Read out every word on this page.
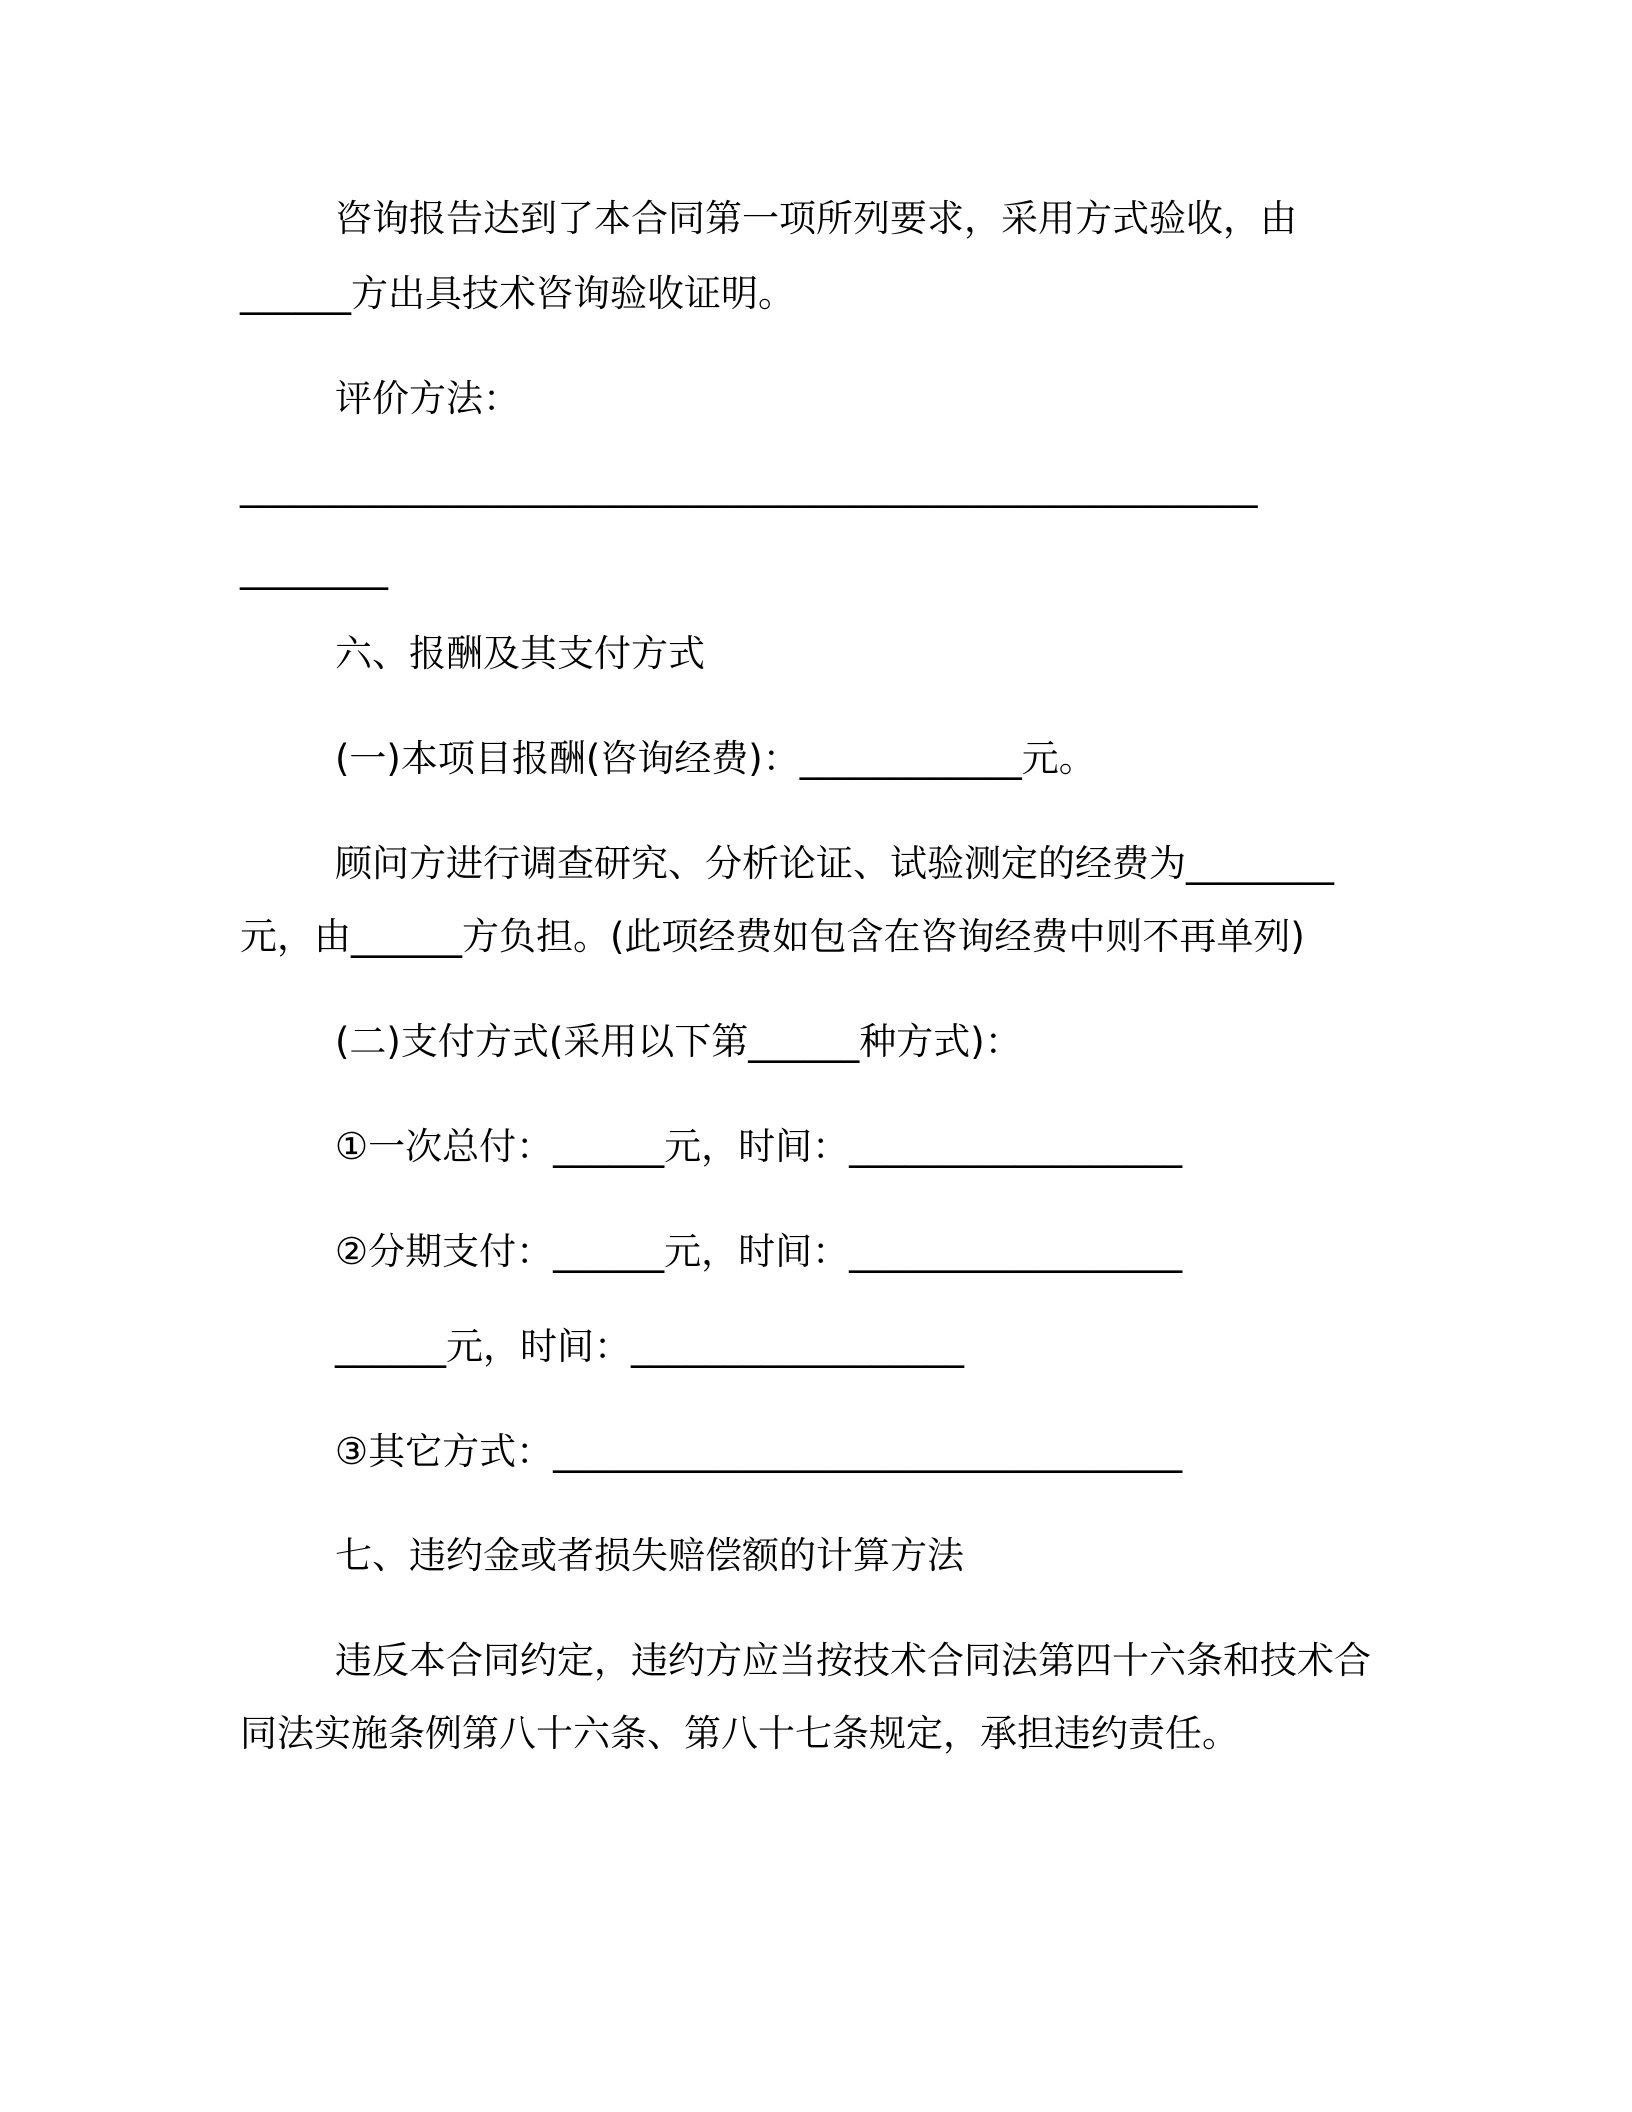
咨询报告达到了本合同第一项所列要求，采用方式验收，由
______方出具技术咨询验收证明。
评价方法：
_______________________________________________________
________
六、报酬及其支付方式
(一)本项目报酬(咨询经费)：____________元。
顾问方进行调查研究、分析论证、试验测定的经费为________
元，由______方负担。(此项经费如包含在咨询经费中则不再单列)
(二)支付方式(采用以下第______种方式)：
①一次总付：______元，时间：__________________
②分期支付：______元，时间：__________________
______元，时间：__________________
③其它方式：__________________________________
七、违约金或者损失赔偿额的计算方法
违反本合同约定，违约方应当按技术合同法第四十六条和技术合
同法实施条例第八十六条、第八十七条规定，承担违约责任。
